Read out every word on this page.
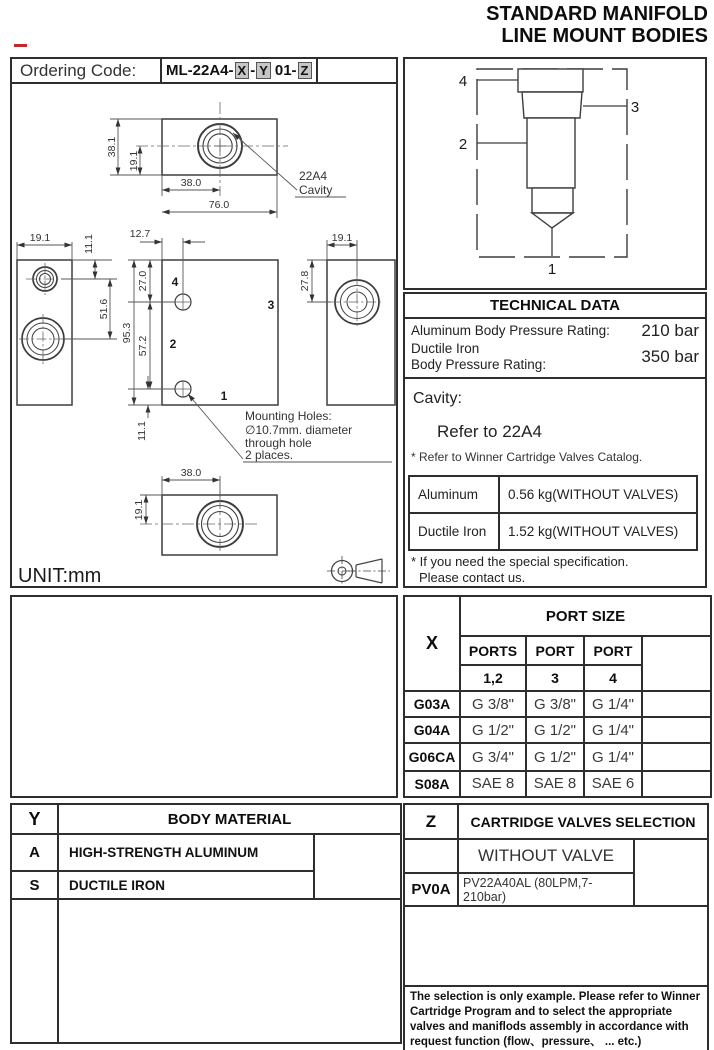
STANDARD MANIFOLD
LINE MOUNT BODIES
Ordering Code:	ML-22A4- X - Y 01- Z
38.1
19.1
38.0
76.0
22A4
Cavity
19.1	11.1
51.6
12.7
27.0
95.3
57.2
11.1
4
3
2
1
Mounting Holes:
∅10.7mm. diameter
through hole
2 places.
19.1
27.8
38.0
19.1
UNIT:mm
4
2
3
1
TECHNICAL DATA
Aluminum Body Pressure Rating: 210 bar
Ductile Iron
Body Pressure Rating:	350 bar
Cavity:
Refer to 22A4
* Refer to Winner Cartridge Valves Catalog.
Aluminum	0.56 kg(WITHOUT VALVES)
Ductile Iron	1.52 kg(WITHOUT VALVES)
* If you need the special specification.
Please contact us.
X	PORT SIZE			
	PORTS	PORT	PORT	
	1,2	3	4	
G03A	G 3/8"	G 3/8"	G 1/4"	
G04A	G 1/2"	G 1/2"	G 1/4"	
G06CA	G 3/4"	G 1/2"	G 1/4"	
S08A	SAE 8	SAE 8	SAE 6	
Y	BODY MATERIAL	
A	HIGH-STRENGTH ALUMINUM	
S	DUCTILE IRON	

Z	CARTRIDGE VALVES SELECTION	
	WITHOUT VALVE	
PV0A	PV22A40AL (80LPM,7-210bar)	

The selection is only example. Please refer to Winner Cartridge Program and to select the appropriate valves and maniflods assembly in accordance with request function (flow、pressure、 ... etc.)		
